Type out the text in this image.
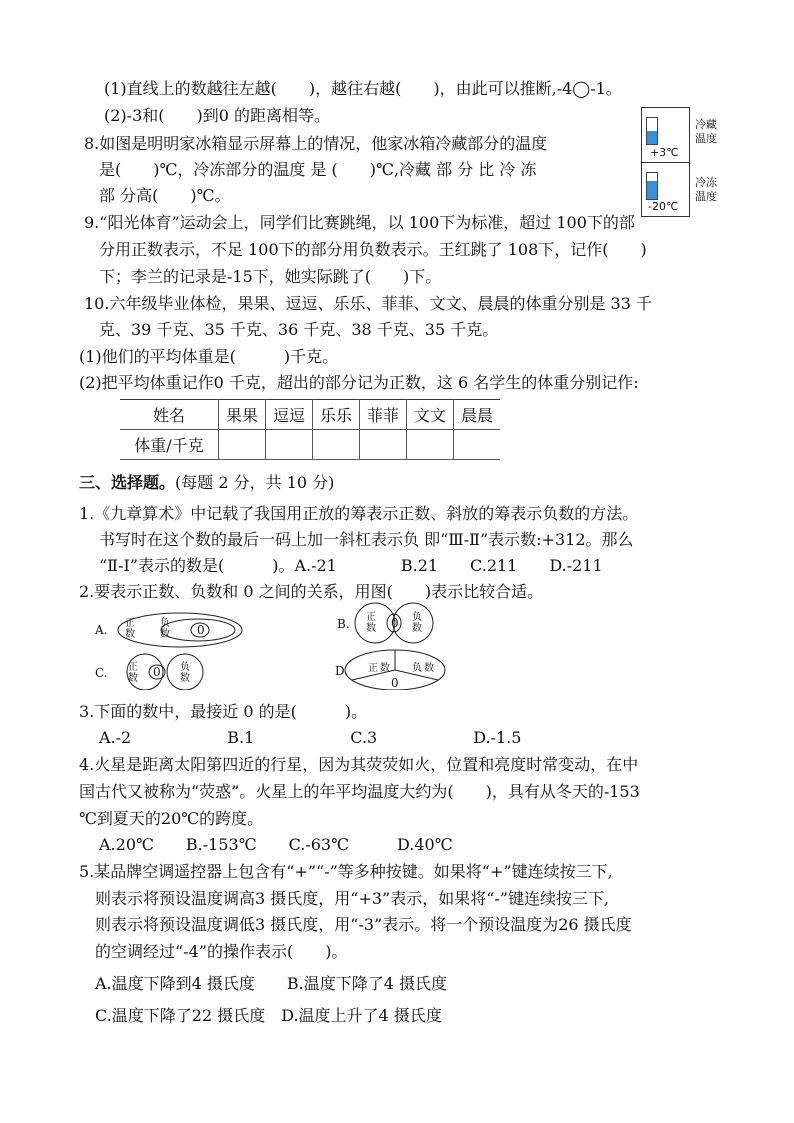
(1)直线上的数越往左越(　　)，越往右越(　　)，由此可以推断,-4◯-1。
(2)-3和(　　)到0 的距离相等。
8.如图是明明家冰箱显示屏幕上的情况，他家冰箱冷藏部分的温度
是(　　)℃，冷冻部分的温度 是 (　　)℃,冷藏 部 分 比 冷 冻
部 分高(　　)℃。
+3℃
-20℃
冷藏温度
冷冻温度
9.“阳光体育”运动会上，同学们比赛跳绳，以 100下为标准，超过 100下的部
分用正数表示，不足 100下的部分用负数表示。王红跳了 108下，记作(　　)
下；李兰的记录是-15下，她实际跳了(　　)下。
10.六年级毕业体检，果果、逗逗、乐乐、菲菲、文文、晨晨的体重分别是 33 千
克、39 千克、35 千克、36 千克、38 千克、35 千克。
(1)他们的平均体重是(　　　)千克。
(2)把平均体重记作0 千克，超出的部分记为正数，这 6 名学生的体重分别记作:
姓名	果果	逗逗	乐乐	菲菲	文文	晨晨
体重/千克						
三、选择题。(每题 2 分，共 10 分)
1.《九章算术》中记载了我国用正放的筹表示正数、斜放的筹表示负数的方法。
书写时在这个数的最后一码上加一斜杠表示负 即“Ⅲ-Ⅱ”表示数:+312。那么
“Ⅱ-Ⅰ”表示的数是(　　　)。A.-21　　　　B.21　　C.211　　D.-211
2.要表示正数、负数和 0 之间的关系，用图(　　)表示比较合适。
A. 正数
负数	0	B. 正数	0 负数
C. 正数	0 负数
D. 正数 负数
0
3.下面的数中，最接近 0 的是(　　　)。
A.-2　　　　　　B.1　　　　　　C.3　　　　　　D.-1.5
4.火星是距离太阳第四近的行星，因为其荧荧如火，位置和亮度时常变动，在中
国古代又被称为“荧惑”。火星上的年平均温度大约为(　　)，具有从冬天的-153
℃到夏天的20℃的跨度。
A.20℃　　B.-153℃　　C.-63℃　　　D.40℃
5.某品牌空调遥控器上包含有“+”“-”等多种按键。如果将“+”键连续按三下,
则表示将预设温度调高3 摄氏度，用“+3”表示，如果将“-”键连续按三下,
则表示将预设温度调低3 摄氏度，用“-3”表示。将一个预设温度为26 摄氏度
的空调经过“-4”的操作表示(　　)。
A.温度下降到4 摄氏度　　B.温度下降了4 摄氏度
C.温度下降了22 摄氏度　D.温度上升了4 摄氏度
